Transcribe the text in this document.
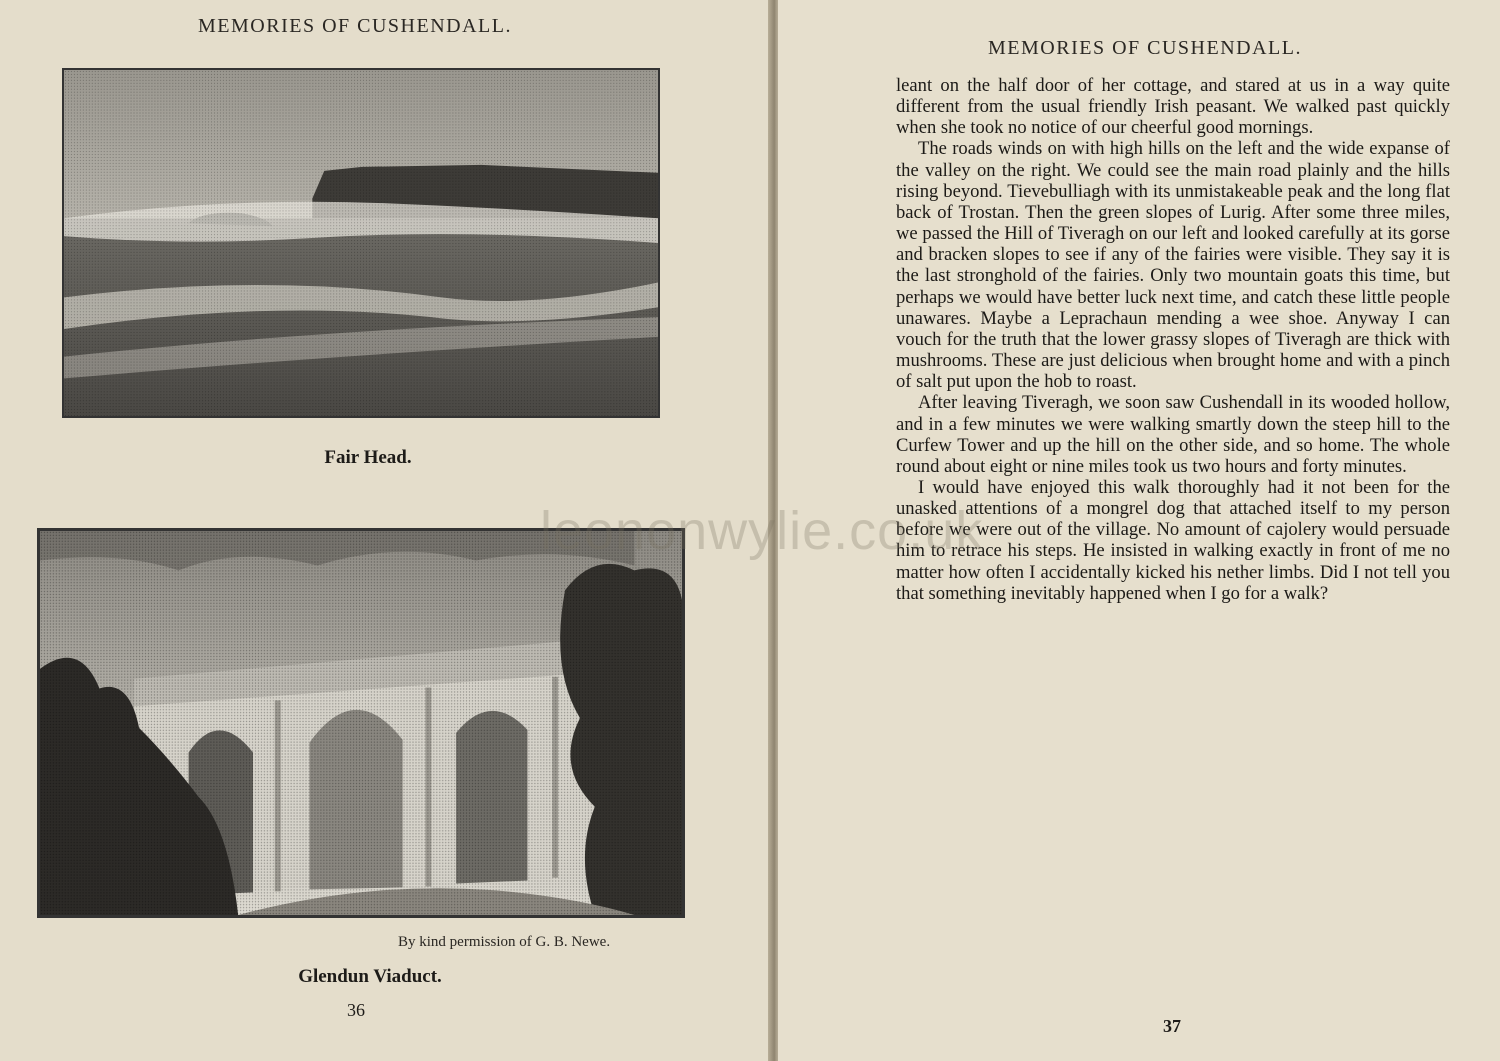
MEMORIES OF CUSHENDALL.
Fair Head.
By kind permission of G. B. Newe.
Glendun Viaduct.
36
MEMORIES OF CUSHENDALL.
37

leant on the half door of her cottage, and stared at us in a way quite different from the usual friendly Irish peasant. We walked past quickly when she took no notice of our cheerful good mornings.

The roads winds on with high hills on the left and the wide expanse of the valley on the right. We could see the main road plainly and the hills rising beyond. Tievebulliagh with its unmistakeable peak and the long flat back of Trostan. Then the green slopes of Lurig. After some three miles, we passed the Hill of Tiveragh on our left and looked carefully at its gorse and bracken slopes to see if any of the fairies were visible. They say it is the last stronghold of the fairies. Only two mountain goats this time, but perhaps we would have better luck next time, and catch these little people unawares. Maybe a Leprachaun mending a wee shoe. Anyway I can vouch for the truth that the lower grassy slopes of Tiveragh are thick with mushrooms. These are just delicious when brought home and with a pinch of salt put upon the hob to roast.

After leaving Tiveragh, we soon saw Cushendall in its wooded hollow, and in a few minutes we were walking smartly down the steep hill to the Curfew Tower and up the hill on the other side, and so home. The whole round about eight or nine miles took us two hours and forty minutes.

I would have enjoyed this walk thoroughly had it not been for the unasked attentions of a mongrel dog that attached itself to my person before we were out of the village. No amount of cajolery would persuade him to retrace his steps. He insisted in walking exactly in front of me no matter how often I accidentally kicked his nether limbs. Did I not tell you that something inevitably happened when I go for a walk?

leononwylie.co.uk
